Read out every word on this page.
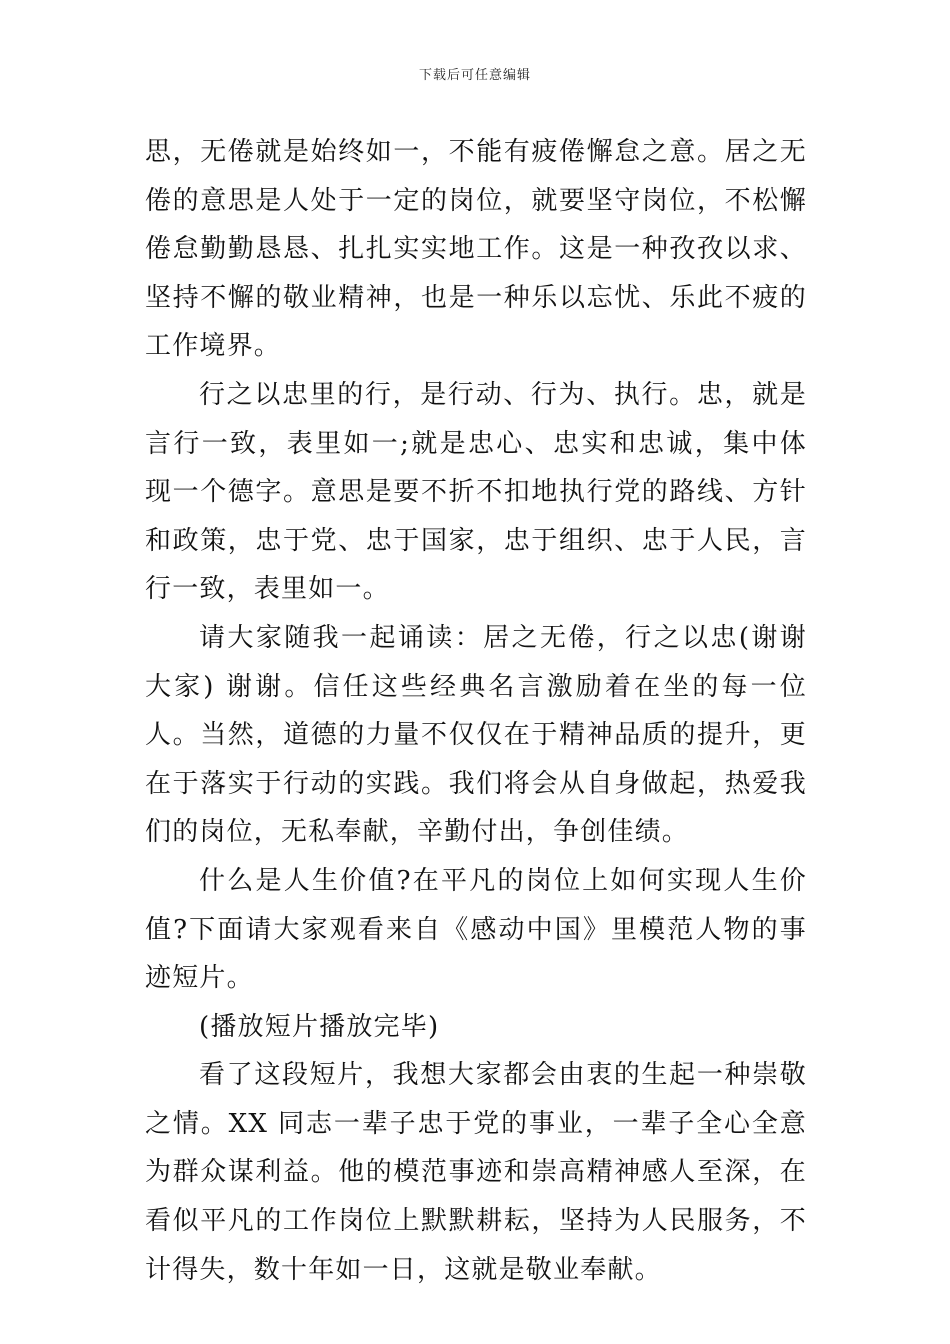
下载后可任意编辑

思，无倦就是始终如一，不能有疲倦懈怠之意。居之无倦的意思是人处于一定的岗位，就要坚守岗位，不松懈倦怠勤勤恳恳、扎扎实实地工作。这是一种孜孜以求、坚持不懈的敬业精神，也是一种乐以忘忧、乐此不疲的工作境界。

行之以忠里的行，是行动、行为、执行。忠，就是言行一致，表里如一;就是忠心、忠实和忠诚，集中体现一个德字。意思是要不折不扣地执行党的路线、方针和政策，忠于党、忠于国家，忠于组织、忠于人民，言行一致，表里如一。

请大家随我一起诵读：居之无倦，行之以忠(谢谢大家) 谢谢。信任这些经典名言激励着在坐的每一位人。当然，道德的力量不仅仅在于精神品质的提升，更在于落实于行动的实践。我们将会从自身做起，热爱我们的岗位，无私奉献，辛勤付出，争创佳绩。

什么是人生价值?在平凡的岗位上如何实现人生价值?下面请大家观看来自《感动中国》里模范人物的事迹短片。

(播放短片播放完毕)

看了这段短片，我想大家都会由衷的生起一种崇敬之情。XX 同志一辈子忠于党的事业，一辈子全心全意为群众谋利益。他的模范事迹和崇高精神感人至深，在看似平凡的工作岗位上默默耕耘，坚持为人民服务，不计得失，数十年如一日，这就是敬业奉献。
